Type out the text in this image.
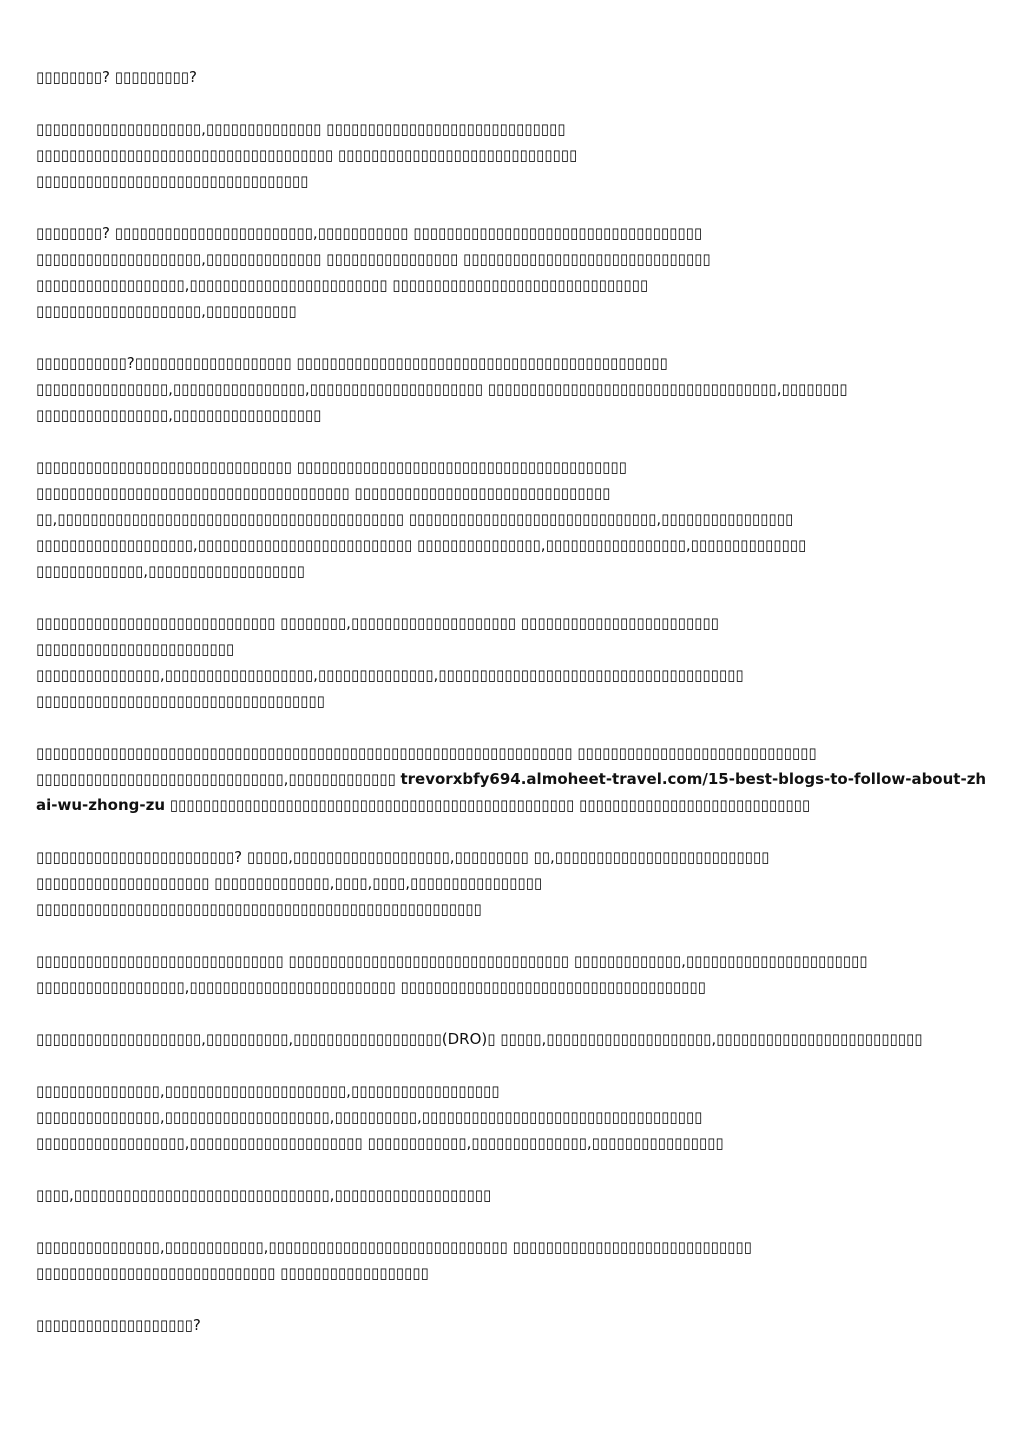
▯▯▯▯▯▯▯▯? ▯▯▯▯▯▯▯▯▯?

▯▯▯▯▯▯▯▯▯▯▯▯▯▯▯▯▯▯▯▯,▯▯▯▯▯▯▯▯▯▯▯▯▯▯ ▯▯▯▯▯▯▯▯▯▯▯▯▯▯▯▯▯▯▯▯▯▯▯▯▯▯▯▯▯
▯▯▯▯▯▯▯▯▯▯▯▯▯▯▯▯▯▯▯▯▯▯▯▯▯▯▯▯▯▯▯▯▯▯▯▯ ▯▯▯▯▯▯▯▯▯▯▯▯▯▯▯▯▯▯▯▯▯▯▯▯▯▯▯▯▯
▯▯▯▯▯▯▯▯▯▯▯▯▯▯▯▯▯▯▯▯▯▯▯▯▯▯▯▯▯▯▯▯▯

▯▯▯▯▯▯▯▯? ▯▯▯▯▯▯▯▯▯▯▯▯▯▯▯▯▯▯▯▯▯▯▯▯,▯▯▯▯▯▯▯▯▯▯▯ ▯▯▯▯▯▯▯▯▯▯▯▯▯▯▯▯▯▯▯▯▯▯▯▯▯▯▯▯▯▯▯▯▯▯▯
▯▯▯▯▯▯▯▯▯▯▯▯▯▯▯▯▯▯▯▯,▯▯▯▯▯▯▯▯▯▯▯▯▯▯ ▯▯▯▯▯▯▯▯▯▯▯▯▯▯▯▯ ▯▯▯▯▯▯▯▯▯▯▯▯▯▯▯▯▯▯▯▯▯▯▯▯▯▯▯▯▯▯
▯▯▯▯▯▯▯▯▯▯▯▯▯▯▯▯▯▯,▯▯▯▯▯▯▯▯▯▯▯▯▯▯▯▯▯▯▯▯▯▯▯▯ ▯▯▯▯▯▯▯▯▯▯▯▯▯▯▯▯▯▯▯▯▯▯▯▯▯▯▯▯▯▯▯
▯▯▯▯▯▯▯▯▯▯▯▯▯▯▯▯▯▯▯▯,▯▯▯▯▯▯▯▯▯▯▯

▯▯▯▯▯▯▯▯▯▯▯?▯▯▯▯▯▯▯▯▯▯▯▯▯▯▯▯▯▯▯ ▯▯▯▯▯▯▯▯▯▯▯▯▯▯▯▯▯▯▯▯▯▯▯▯▯▯▯▯▯▯▯▯▯▯▯▯▯▯▯▯▯▯▯▯▯
▯▯▯▯▯▯▯▯▯▯▯▯▯▯▯▯,▯▯▯▯▯▯▯▯▯▯▯▯▯▯▯▯,▯▯▯▯▯▯▯▯▯▯▯▯▯▯▯▯▯▯▯▯▯ ▯▯▯▯▯▯▯▯▯▯▯▯▯▯▯▯▯▯▯▯▯▯▯▯▯▯▯▯▯▯▯▯▯▯▯,▯▯▯▯▯▯▯▯
▯▯▯▯▯▯▯▯▯▯▯▯▯▯▯▯,▯▯▯▯▯▯▯▯▯▯▯▯▯▯▯▯▯▯

▯▯▯▯▯▯▯▯▯▯▯▯▯▯▯▯▯▯▯▯▯▯▯▯▯▯▯▯▯▯▯ ▯▯▯▯▯▯▯▯▯▯▯▯▯▯▯▯▯▯▯▯▯▯▯▯▯▯▯▯▯▯▯▯▯▯▯▯▯▯▯▯
▯▯▯▯▯▯▯▯▯▯▯▯▯▯▯▯▯▯▯▯▯▯▯▯▯▯▯▯▯▯▯▯▯▯▯▯▯▯ ▯▯▯▯▯▯▯▯▯▯▯▯▯▯▯▯▯▯▯▯▯▯▯▯▯▯▯▯▯▯▯
▯▯,▯▯▯▯▯▯▯▯▯▯▯▯▯▯▯▯▯▯▯▯▯▯▯▯▯▯▯▯▯▯▯▯▯▯▯▯▯▯▯▯▯▯ ▯▯▯▯▯▯▯▯▯▯▯▯▯▯▯▯▯▯▯▯▯▯▯▯▯▯▯▯▯▯,▯▯▯▯▯▯▯▯▯▯▯▯▯▯▯▯
▯▯▯▯▯▯▯▯▯▯▯▯▯▯▯▯▯▯▯,▯▯▯▯▯▯▯▯▯▯▯▯▯▯▯▯▯▯▯▯▯▯▯▯▯▯ ▯▯▯▯▯▯▯▯▯▯▯▯▯▯▯,▯▯▯▯▯▯▯▯▯▯▯▯▯▯▯▯▯,▯▯▯▯▯▯▯▯▯▯▯▯▯▯
▯▯▯▯▯▯▯▯▯▯▯▯▯,▯▯▯▯▯▯▯▯▯▯▯▯▯▯▯▯▯▯▯

▯▯▯▯▯▯▯▯▯▯▯▯▯▯▯▯▯▯▯▯▯▯▯▯▯▯▯▯▯ ▯▯▯▯▯▯▯▯,▯▯▯▯▯▯▯▯▯▯▯▯▯▯▯▯▯▯▯▯ ▯▯▯▯▯▯▯▯▯▯▯▯▯▯▯▯▯▯▯▯▯▯▯▯
▯▯▯▯▯▯▯▯▯▯▯▯▯▯▯▯▯▯▯▯▯▯▯▯
▯▯▯▯▯▯▯▯▯▯▯▯▯▯▯,▯▯▯▯▯▯▯▯▯▯▯▯▯▯▯▯▯▯,▯▯▯▯▯▯▯▯▯▯▯▯▯▯,▯▯▯▯▯▯▯▯▯▯▯▯▯▯▯▯▯▯▯▯▯▯▯▯▯▯▯▯▯▯▯▯▯▯▯▯▯
▯▯▯▯▯▯▯▯▯▯▯▯▯▯▯▯▯▯▯▯▯▯▯▯▯▯▯▯▯▯▯▯▯▯▯

▯▯▯▯▯▯▯▯▯▯▯▯▯▯▯▯▯▯▯▯▯▯▯▯▯▯▯▯▯▯▯▯▯▯▯▯▯▯▯▯▯▯▯▯▯▯▯▯▯▯▯▯▯▯▯▯▯▯▯▯▯▯▯▯▯ ▯▯▯▯▯▯▯▯▯▯▯▯▯▯▯▯▯▯▯▯▯▯▯▯▯▯▯▯▯
▯▯▯▯▯▯▯▯▯▯▯▯▯▯▯▯▯▯▯▯▯▯▯▯▯▯▯▯▯▯,▯▯▯▯▯▯▯▯▯▯▯▯▯ trevorxbfy694.almoheet-travel.com/15-best-blogs-to-follow-about-zhai-wu-zhong-zu ▯▯▯▯▯▯▯▯▯▯▯▯▯▯▯▯▯▯▯▯▯▯▯▯▯▯▯▯▯▯▯▯▯▯▯▯▯▯▯▯▯▯▯▯▯▯▯▯▯ ▯▯▯▯▯▯▯▯▯▯▯▯▯▯▯▯▯▯▯▯▯▯▯▯▯▯▯▯

▯▯▯▯▯▯▯▯▯▯▯▯▯▯▯▯▯▯▯▯▯▯▯▯? ▯▯▯▯▯,▯▯▯▯▯▯▯▯▯▯▯▯▯▯▯▯▯▯▯,▯▯▯▯▯▯▯▯▯ ▯▯,▯▯▯▯▯▯▯▯▯▯▯▯▯▯▯▯▯▯▯▯▯▯▯▯▯▯
▯▯▯▯▯▯▯▯▯▯▯▯▯▯▯▯▯▯▯▯▯ ▯▯▯▯▯▯▯▯▯▯▯▯▯▯,▯▯▯▯,▯▯▯▯,▯▯▯▯▯▯▯▯▯▯▯▯▯▯▯▯
▯▯▯▯▯▯▯▯▯▯▯▯▯▯▯▯▯▯▯▯▯▯▯▯▯▯▯▯▯▯▯▯▯▯▯▯▯▯▯▯▯▯▯▯▯▯▯▯▯▯▯▯▯▯

▯▯▯▯▯▯▯▯▯▯▯▯▯▯▯▯▯▯▯▯▯▯▯▯▯▯▯▯▯▯ ▯▯▯▯▯▯▯▯▯▯▯▯▯▯▯▯▯▯▯▯▯▯▯▯▯▯▯▯▯▯▯▯▯▯ ▯▯▯▯▯▯▯▯▯▯▯▯▯,▯▯▯▯▯▯▯▯▯▯▯▯▯▯▯▯▯▯▯▯▯▯
▯▯▯▯▯▯▯▯▯▯▯▯▯▯▯▯▯▯,▯▯▯▯▯▯▯▯▯▯▯▯▯▯▯▯▯▯▯▯▯▯▯▯▯ ▯▯▯▯▯▯▯▯▯▯▯▯▯▯▯▯▯▯▯▯▯▯▯▯▯▯▯▯▯▯▯▯▯▯▯▯▯

▯▯▯▯▯▯▯▯▯▯▯▯▯▯▯▯▯▯▯▯,▯▯▯▯▯▯▯▯▯▯,▯▯▯▯▯▯▯▯▯▯▯▯▯▯▯▯▯▯(DRO)▯ ▯▯▯▯▯,▯▯▯▯▯▯▯▯▯▯▯▯▯▯▯▯▯▯▯▯,▯▯▯▯▯▯▯▯▯▯▯▯▯▯▯▯▯▯▯▯▯▯▯▯▯

▯▯▯▯▯▯▯▯▯▯▯▯▯▯▯,▯▯▯▯▯▯▯▯▯▯▯▯▯▯▯▯▯▯▯▯▯▯,▯▯▯▯▯▯▯▯▯▯▯▯▯▯▯▯▯▯
▯▯▯▯▯▯▯▯▯▯▯▯▯▯▯,▯▯▯▯▯▯▯▯▯▯▯▯▯▯▯▯▯▯▯▯,▯▯▯▯▯▯▯▯▯▯,▯▯▯▯▯▯▯▯▯▯▯▯▯▯▯▯▯▯▯▯▯▯▯▯▯▯▯▯▯▯▯▯▯▯
▯▯▯▯▯▯▯▯▯▯▯▯▯▯▯▯▯▯,▯▯▯▯▯▯▯▯▯▯▯▯▯▯▯▯▯▯▯▯▯ ▯▯▯▯▯▯▯▯▯▯▯▯,▯▯▯▯▯▯▯▯▯▯▯▯▯▯,▯▯▯▯▯▯▯▯▯▯▯▯▯▯▯▯

▯▯▯▯,▯▯▯▯▯▯▯▯▯▯▯▯▯▯▯▯▯▯▯▯▯▯▯▯▯▯▯▯▯▯▯,▯▯▯▯▯▯▯▯▯▯▯▯▯▯▯▯▯▯▯

▯▯▯▯▯▯▯▯▯▯▯▯▯▯▯,▯▯▯▯▯▯▯▯▯▯▯▯,▯▯▯▯▯▯▯▯▯▯▯▯▯▯▯▯▯▯▯▯▯▯▯▯▯▯▯▯▯ ▯▯▯▯▯▯▯▯▯▯▯▯▯▯▯▯▯▯▯▯▯▯▯▯▯▯▯▯▯
▯▯▯▯▯▯▯▯▯▯▯▯▯▯▯▯▯▯▯▯▯▯▯▯▯▯▯▯▯ ▯▯▯▯▯▯▯▯▯▯▯▯▯▯▯▯▯▯

▯▯▯▯▯▯▯▯▯▯▯▯▯▯▯▯▯▯▯?
